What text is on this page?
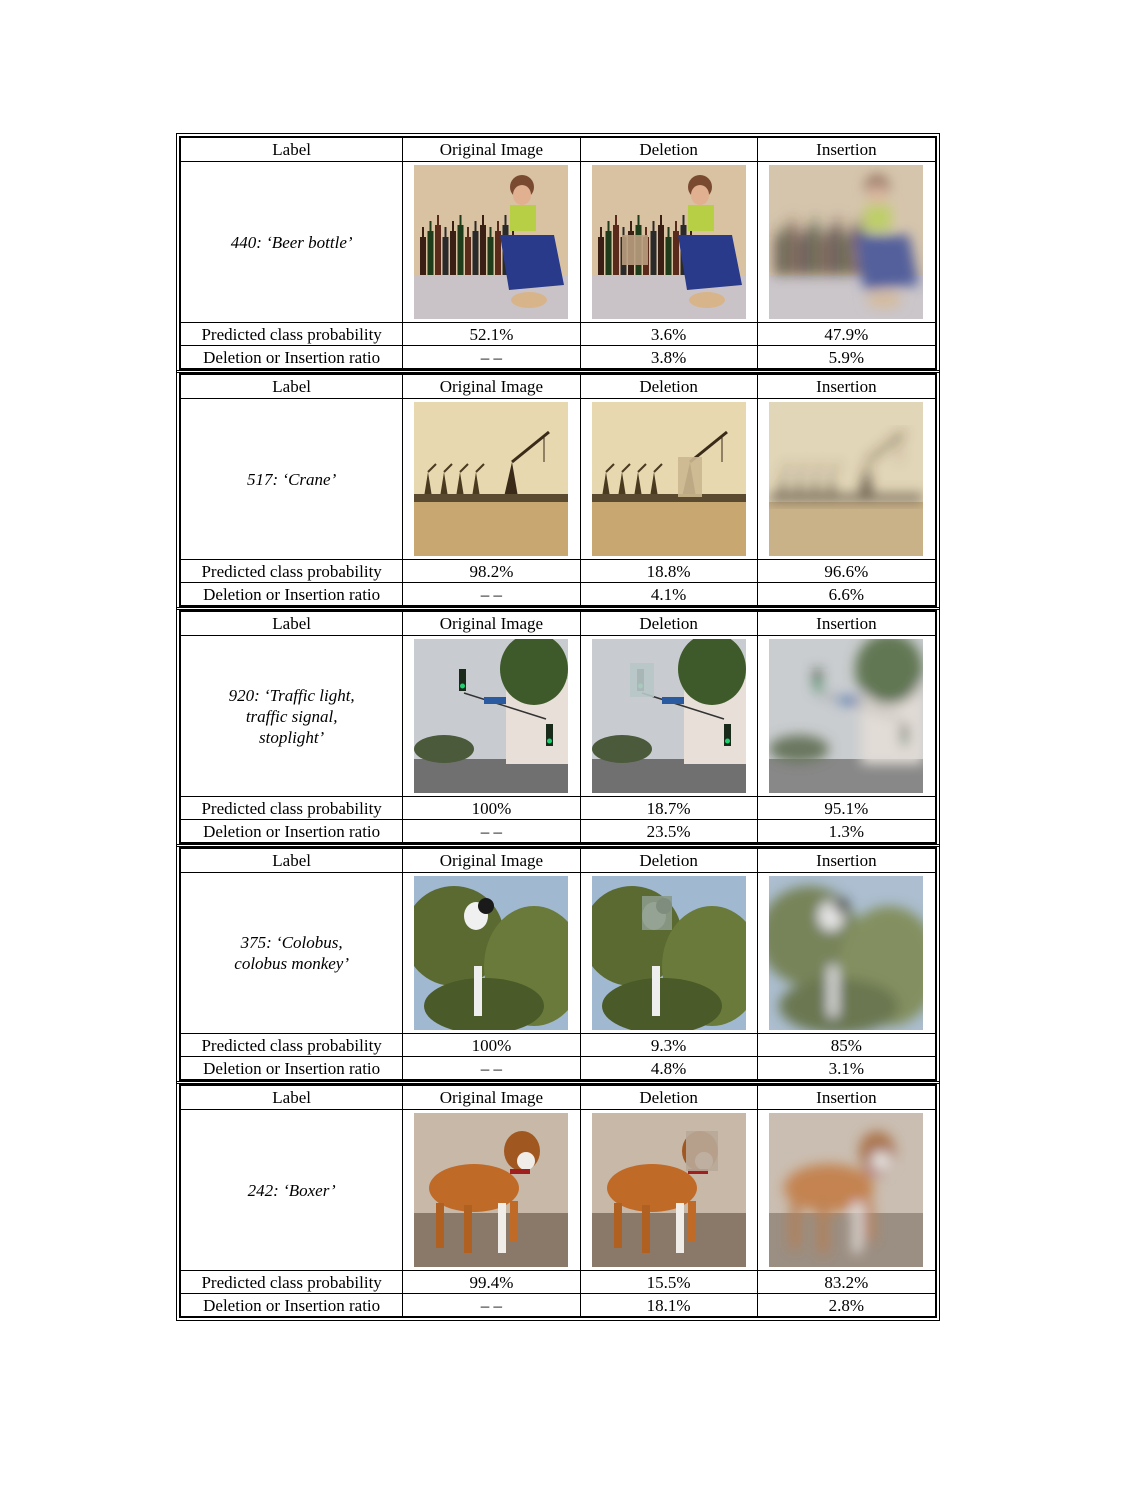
Label	Original Image	Deletion	Insertion
440: ‘Beer bottle’	

Predicted class probability	52.1%	3.6%	47.9%
Deletion or Insertion ratio	– –	3.8%	5.9%
Label	Original Image	Deletion	Insertion
517: ‘Crane’	

Predicted class probability	98.2%	18.8%	96.6%
Deletion or Insertion ratio	– –	4.1%	6.6%
Label	Original Image	Deletion	Insertion
920: ‘Traffic light,
traffic signal,
stoplight’	

Predicted class probability	100%	18.7%	95.1%
Deletion or Insertion ratio	– –	23.5%	1.3%
Label	Original Image	Deletion	Insertion
375: ‘Colobus,
colobus monkey’	

Predicted class probability	100%	9.3%	85%
Deletion or Insertion ratio	– –	4.8%	3.1%
Label	Original Image	Deletion	Insertion
242: ‘Boxer’	

Predicted class probability	99.4%	15.5%	83.2%
Deletion or Insertion ratio	– –	18.1%	2.8%
